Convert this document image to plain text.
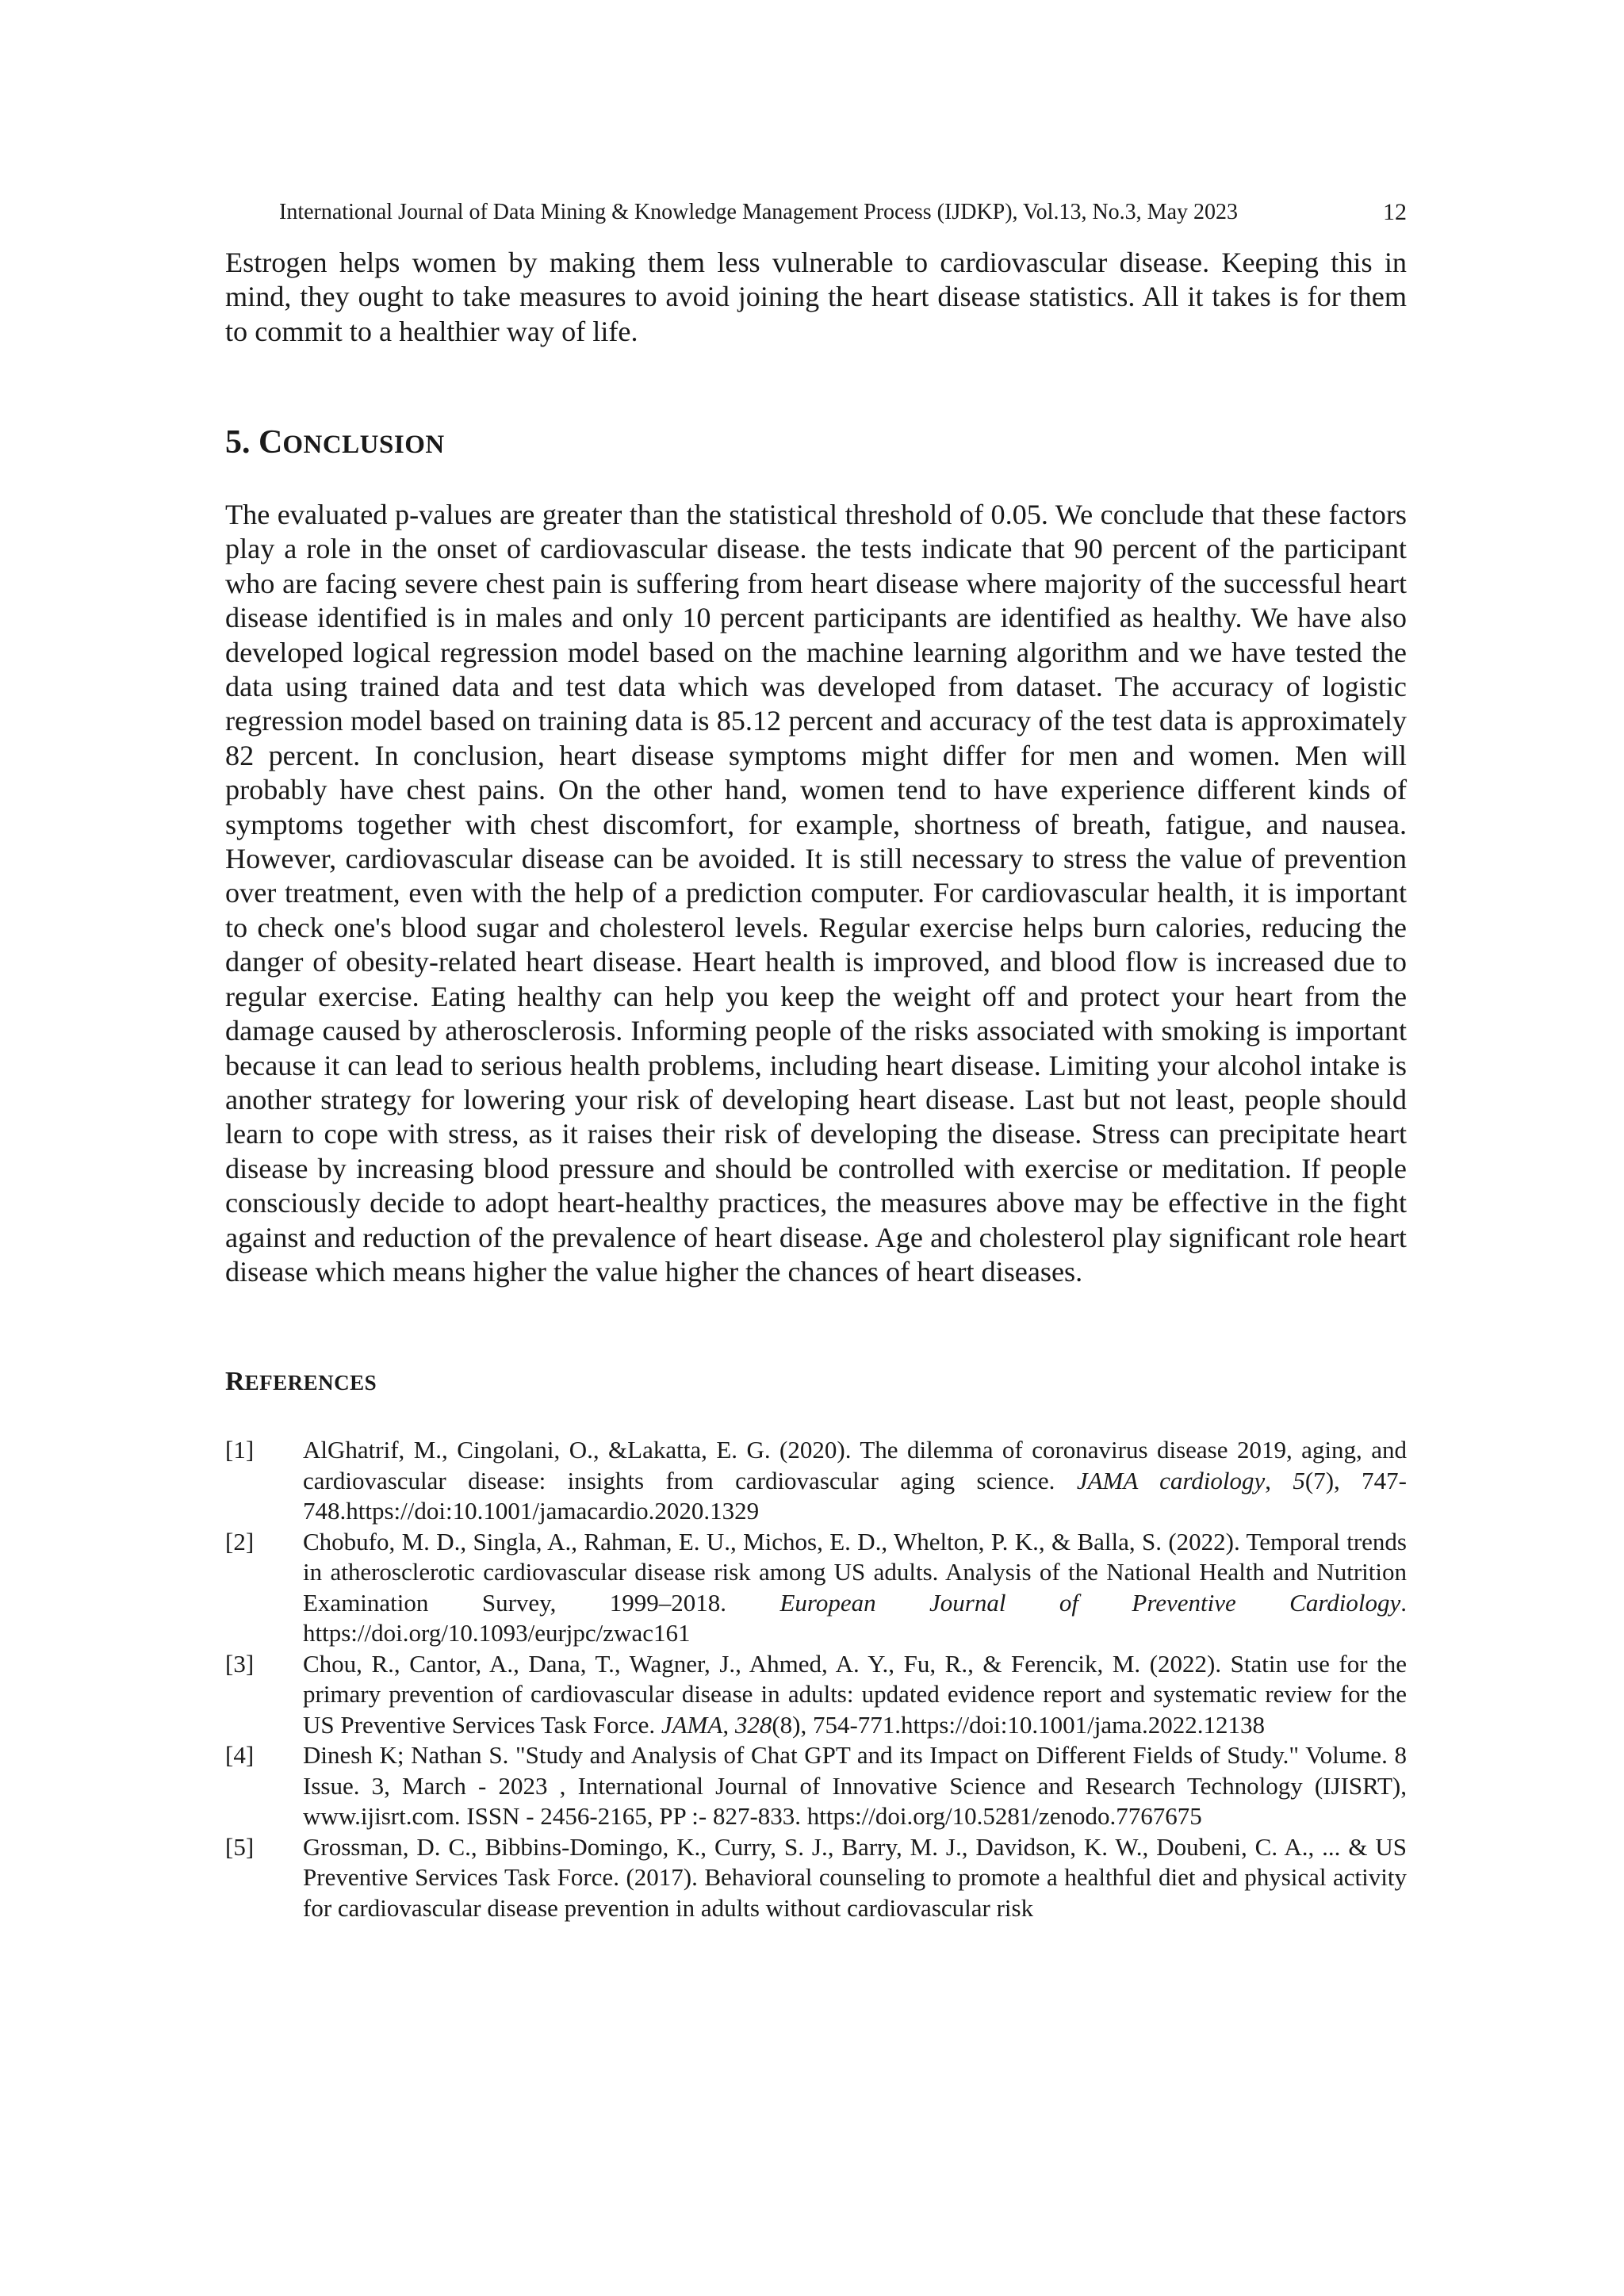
International Journal of Data Mining & Knowledge Management Process (IJDKP), Vol.13, No.3, May 2023	12

Estrogen helps women by making them less vulnerable to cardiovascular disease. Keeping this in mind, they ought to take measures to avoid joining the heart disease statistics. All it takes is for them to commit to a healthier way of life.

5. CONCLUSION

The evaluated p-values are greater than the statistical threshold of 0.05. We conclude that these factors play a role in the onset of cardiovascular disease. the tests indicate that 90 percent of the participant who are facing severe chest pain is suffering from heart disease where majority of the successful heart disease identified is in males and only 10 percent participants are identified as healthy. We have also developed logical regression model based on the machine learning algorithm and we have tested the data using trained data and test data which was developed from dataset. The accuracy of logistic regression model based on training data is 85.12 percent and accuracy of the test data is approximately 82 percent. In conclusion, heart disease symptoms might differ for men and women. Men will probably have chest pains. On the other hand, women tend to have experience different kinds of symptoms together with chest discomfort, for example, shortness of breath, fatigue, and nausea. However, cardiovascular disease can be avoided. It is still necessary to stress the value of prevention over treatment, even with the help of a prediction computer. For cardiovascular health, it is important to check one's blood sugar and cholesterol levels. Regular exercise helps burn calories, reducing the danger of obesity-related heart disease. Heart health is improved, and blood flow is increased due to regular exercise. Eating healthy can help you keep the weight off and protect your heart from the damage caused by atherosclerosis. Informing people of the risks associated with smoking is important because it can lead to serious health problems, including heart disease. Limiting your alcohol intake is another strategy for lowering your risk of developing heart disease. Last but not least, people should learn to cope with stress, as it raises their risk of developing the disease. Stress can precipitate heart disease by increasing blood pressure and should be controlled with exercise or meditation. If people consciously decide to adopt heart-healthy practices, the measures above may be effective in the fight against and reduction of the prevalence of heart disease. Age and cholesterol play significant role heart disease which means higher the value higher the chances of heart diseases.

REFERENCES
[1] AlGhatrif, M., Cingolani, O., &Lakatta, E. G. (2020). The dilemma of coronavirus disease 2019, aging, and cardiovascular disease: insights from cardiovascular aging science. JAMA cardiology, 5(7), 747-748.https://doi:10.1001/jamacardio.2020.1329
[2] Chobufo, M. D., Singla, A., Rahman, E. U., Michos, E. D., Whelton, P. K., & Balla, S. (2022). Temporal trends in atherosclerotic cardiovascular disease risk among US adults. Analysis of the National Health and Nutrition Examination Survey, 1999–2018. European Journal of Preventive Cardiology. https://doi.org/10.1093/eurjpc/zwac161
[3] Chou, R., Cantor, A., Dana, T., Wagner, J., Ahmed, A. Y., Fu, R., & Ferencik, M. (2022). Statin use for the primary prevention of cardiovascular disease in adults: updated evidence report and systematic review for the US Preventive Services Task Force. JAMA, 328(8), 754-771.https://doi:10.1001/jama.2022.12138
[4] Dinesh K; Nathan S. "Study and Analysis of Chat GPT and its Impact on Different Fields of Study." Volume. 8 Issue. 3, March - 2023 , International Journal of Innovative Science and Research Technology (IJISRT), www.ijisrt.com. ISSN - 2456-2165, PP :- 827-833. https://doi.org/10.5281/zenodo.7767675
[5] Grossman, D. C., Bibbins-Domingo, K., Curry, S. J., Barry, M. J., Davidson, K. W., Doubeni, C. A., ... & US Preventive Services Task Force. (2017). Behavioral counseling to promote a healthful diet and physical activity for cardiovascular disease prevention in adults without cardiovascular risk
